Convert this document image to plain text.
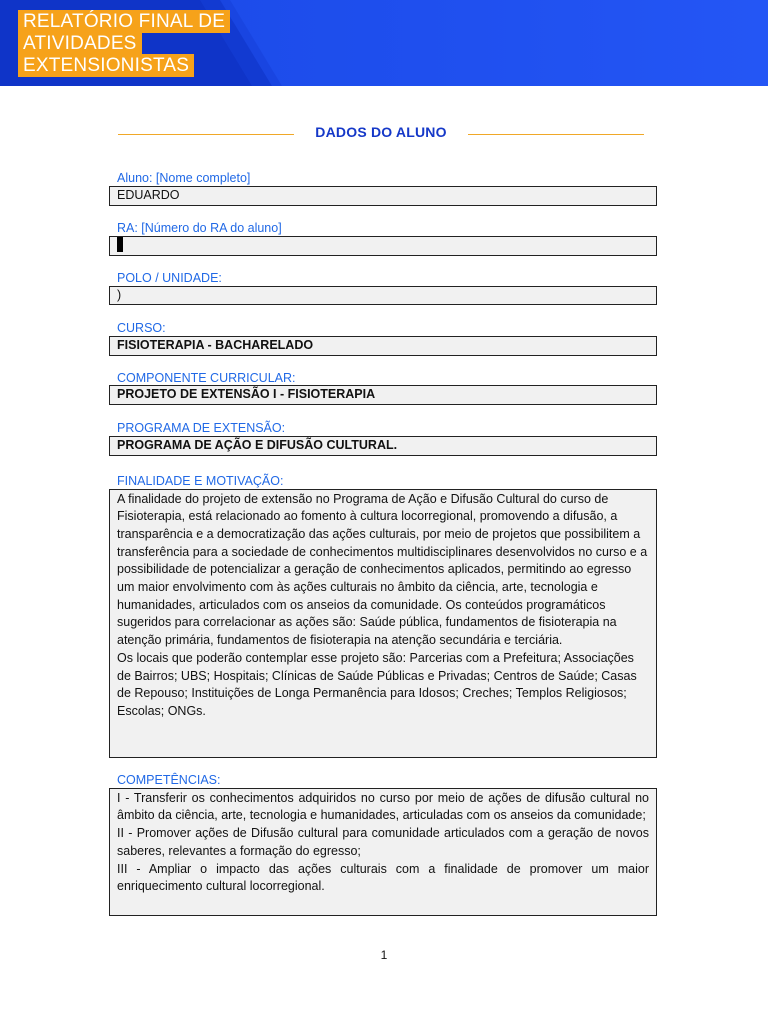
RELATÓRIO FINAL DE
ATIVIDADES
EXTENSIONISTAS
DADOS DO ALUNO
Aluno: [Nome completo]
EDUARDO
RA: [Número do RA do aluno]
POLO / UNIDADE:
)
CURSO:
FISIOTERAPIA - BACHARELADO
COMPONENTE CURRICULAR:
PROJETO DE EXTENSÃO I - FISIOTERAPIA
PROGRAMA DE EXTENSÃO:
PROGRAMA DE AÇÃO E DIFUSÃO CULTURAL.
FINALIDADE E MOTIVAÇÃO:
A finalidade do projeto de extensão no Programa de Ação e Difusão Cultural do curso de Fisioterapia, está relacionado ao fomento à cultura locorregional, promovendo a difusão, a transparência e a democratização das ações culturais, por meio de projetos que possibilitem a transferência para a sociedade de conhecimentos multidisciplinares desenvolvidos no curso e a possibilidade de potencializar a geração de conhecimentos aplicados, permitindo ao egresso um maior envolvimento com às ações culturais no âmbito da ciência, arte, tecnologia e humanidades, articulados com os anseios da comunidade. Os conteúdos programáticos sugeridos para correlacionar as ações são: Saúde pública, fundamentos de fisioterapia na atenção primária, fundamentos de fisioterapia na atenção secundária e terciária.
Os locais que poderão contemplar esse projeto são: Parcerias com a Prefeitura; Associações de Bairros; UBS; Hospitais; Clínicas de Saúde Públicas e Privadas; Centros de Saúde; Casas de Repouso; Instituições de Longa Permanência para Idosos; Creches; Templos Religiosos; Escolas; ONGs.
COMPETÊNCIAS:
I - Transferir os conhecimentos adquiridos no curso por meio de ações de difusão cultural no âmbito da ciência, arte, tecnologia e humanidades, articuladas com os anseios da comunidade;
II - Promover ações de Difusão cultural para comunidade articulados com a geração de novos saberes, relevantes a formação do egresso;
III - Ampliar o impacto das ações culturais com a finalidade de promover um maior enriquecimento cultural locorregional.
1
